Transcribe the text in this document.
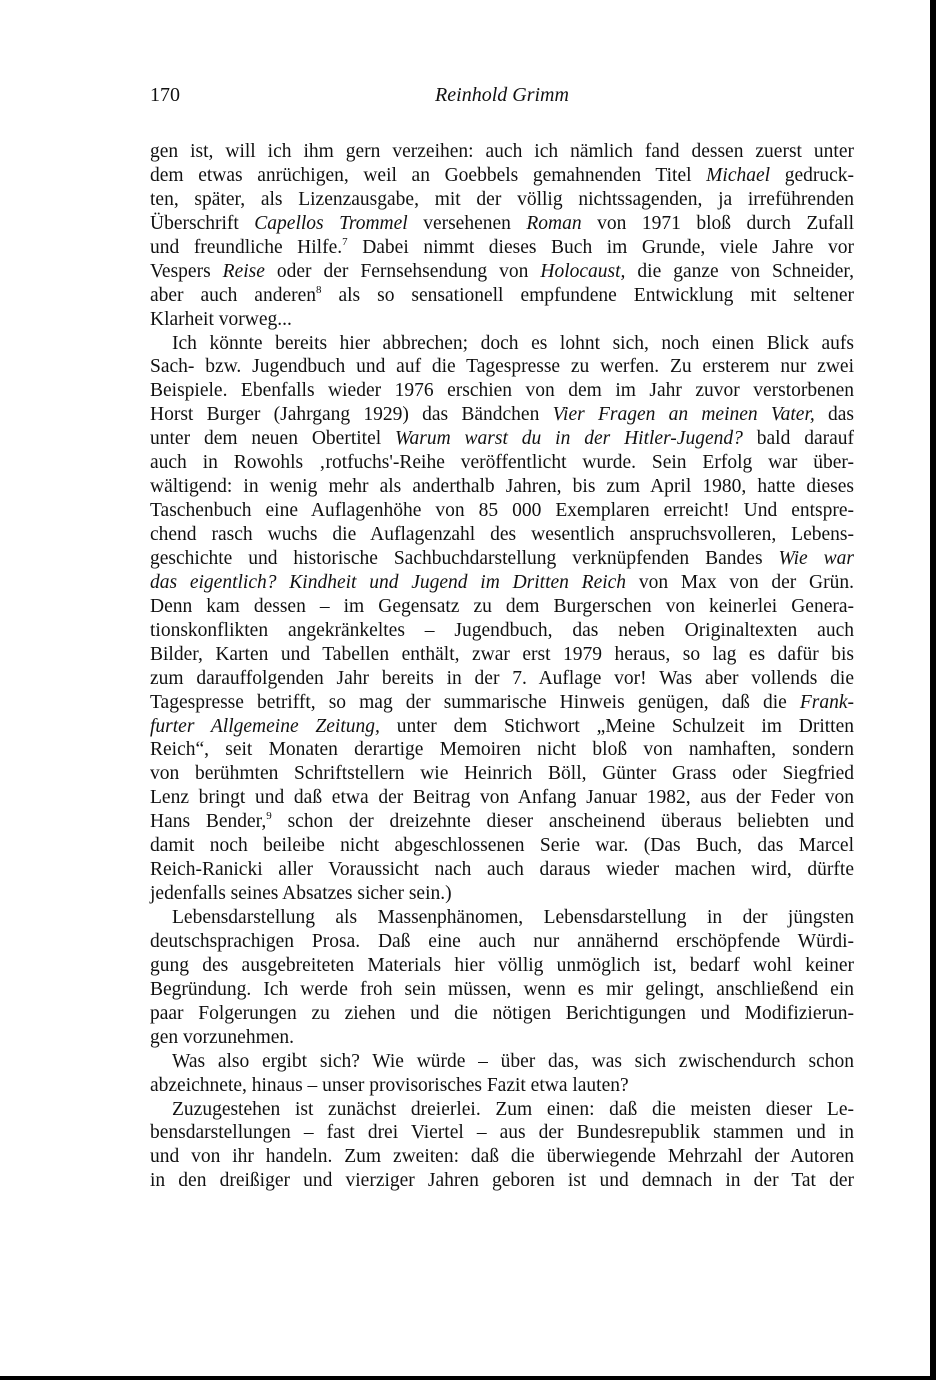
170	Reinhold Grimm
gen ist, will ich ihm gern verzeihen: auch ich nämlich fand dessen zuerst unter
dem etwas anrüchigen, weil an Goebbels gemahnenden Titel Michael gedruck-
ten, später, als Lizenzausgabe, mit der völlig nichtssagenden, ja irreführenden
Überschrift Capellos Trommel versehenen Roman von 1971 bloß durch Zufall
und freundliche Hilfe.$^7$ Dabei nimmt dieses Buch im Grunde, viele Jahre vor
Vespers Reise oder der Fernsehsendung von Holocaust, die ganze von Schneider,
aber auch anderen$^8$ als so sensationell empfundene Entwicklung mit seltener
Klarheit vorweg...
Ich könnte bereits hier abbrechen; doch es lohnt sich, noch einen Blick aufs
Sach- bzw. Jugendbuch und auf die Tagespresse zu werfen. Zu ersterem nur zwei
Beispiele. Ebenfalls wieder 1976 erschien von dem im Jahr zuvor verstorbenen
Horst Burger (Jahrgang 1929) das Bändchen Vier Fragen an meinen Vater, das
unter dem neuen Obertitel Warum warst du in der Hitler-Jugend? bald darauf
auch in Rowohls ‚rotfuchs'-Reihe veröffentlicht wurde. Sein Erfolg war über-
wältigend: in wenig mehr als anderthalb Jahren, bis zum April 1980, hatte dieses
Taschenbuch eine Auflagenhöhe von 85 000 Exemplaren erreicht! Und entspre-
chend rasch wuchs die Auflagenzahl des wesentlich anspruchsvolleren, Lebens-
geschichte und historische Sachbuchdarstellung verknüpfenden Bandes Wie war
das eigentlich? Kindheit und Jugend im Dritten Reich von Max von der Grün.
Denn kam dessen – im Gegensatz zu dem Burgerschen von keinerlei Genera-
tionskonflikten angekränkeltes – Jugendbuch, das neben Originaltexten auch
Bilder, Karten und Tabellen enthält, zwar erst 1979 heraus, so lag es dafür bis
zum darauffolgenden Jahr bereits in der 7. Auflage vor! Was aber vollends die
Tagespresse betrifft, so mag der summarische Hinweis genügen, daß die Frank-
furter Allgemeine Zeitung, unter dem Stichwort „Meine Schulzeit im Dritten
Reich“, seit Monaten derartige Memoiren nicht bloß von namhaften, sondern
von berühmten Schriftstellern wie Heinrich Böll, Günter Grass oder Siegfried
Lenz bringt und daß etwa der Beitrag von Anfang Januar 1982, aus der Feder von
Hans Bender,$^9$ schon der dreizehnte dieser anscheinend überaus beliebten und
damit noch beileibe nicht abgeschlossenen Serie war. (Das Buch, das Marcel
Reich-Ranicki aller Voraussicht nach auch daraus wieder machen wird, dürfte
jedenfalls seines Absatzes sicher sein.)
Lebensdarstellung als Massenphänomen, Lebensdarstellung in der jüngsten
deutschsprachigen Prosa. Daß eine auch nur annähernd erschöpfende Würdi-
gung des ausgebreiteten Materials hier völlig unmöglich ist, bedarf wohl keiner
Begründung. Ich werde froh sein müssen, wenn es mir gelingt, anschließend ein
paar Folgerungen zu ziehen und die nötigen Berichtigungen und Modifizierun-
gen vorzunehmen.
Was also ergibt sich? Wie würde – über das, was sich zwischendurch schon
abzeichnete, hinaus – unser provisorisches Fazit etwa lauten?
Zuzugestehen ist zunächst dreierlei. Zum einen: daß die meisten dieser Le-
bensdarstellungen – fast drei Viertel – aus der Bundesrepublik stammen und in
und von ihr handeln. Zum zweiten: daß die überwiegende Mehrzahl der Autoren
in den dreißiger und vierziger Jahren geboren ist und demnach in der Tat der
